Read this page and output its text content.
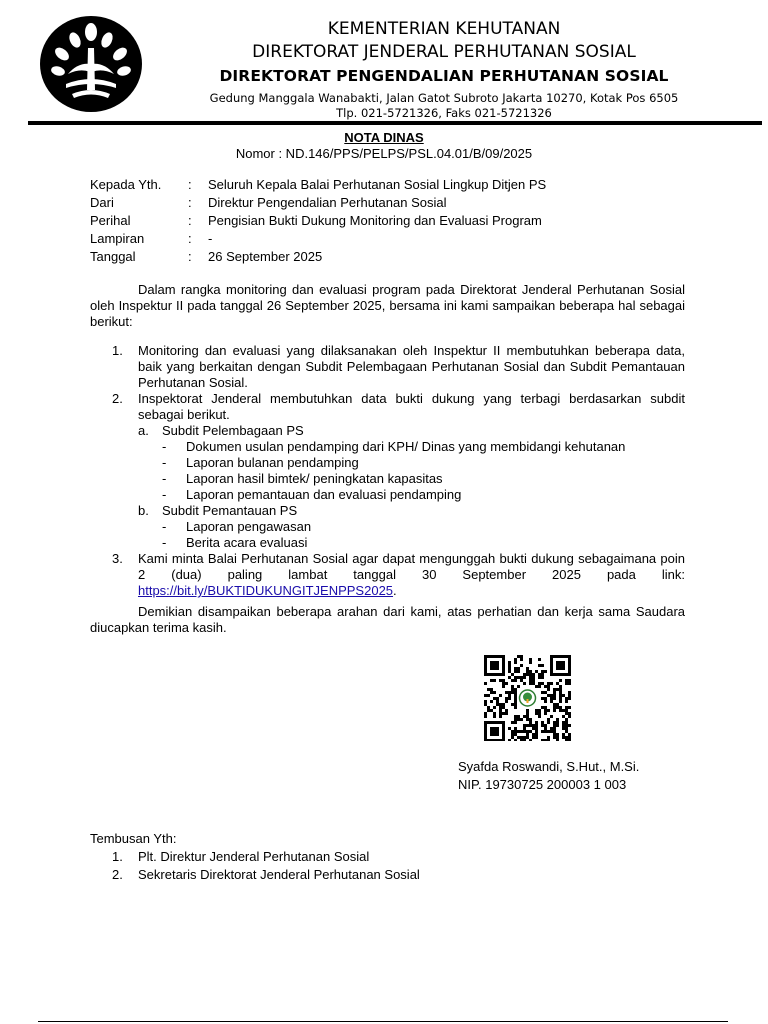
KEMENTERIAN KEHUTANAN
DIREKTORAT JENDERAL PERHUTANAN SOSIAL
DIREKTORAT PENGENDALIAN PERHUTANAN SOSIAL
Gedung Manggala Wanabakti, Jalan Gatot Subroto Jakarta 10270, Kotak Pos 6505
Tlp. 021-5721326, Faks 021-5721326
NOTA DINAS
Nomor : ND.146/PPS/PELPS/PSL.04.01/B/09/2025
Kepada Yth.	:	Seluruh Kepala Balai Perhutanan Sosial Lingkup Ditjen PS
Dari	:	Direktur Pengendalian Perhutanan Sosial
Perihal	:	Pengisian Bukti Dukung Monitoring dan Evaluasi Program
Lampiran	:	-
Tanggal	:	26 September 2025
Dalam rangka monitoring dan evaluasi program pada Direktorat Jenderal Perhutanan Sosial oleh Inspektur II pada tanggal 26 September 2025, bersama ini kami sampaikan beberapa hal sebagai berikut:
1. Monitoring dan evaluasi yang dilaksanakan oleh Inspektur II membutuhkan beberapa data, baik yang berkaitan dengan Subdit Pelembagaan Perhutanan Sosial dan Subdit Pemantauan Perhutanan Sosial.
2. Inspektorat Jenderal membutuhkan data bukti dukung yang terbagi berdasarkan subdit sebagai berikut.
a. Subdit Pelembagaan PS
- Dokumen usulan pendamping dari KPH/ Dinas yang membidangi kehutanan
- Laporan bulanan pendamping
- Laporan hasil bimtek/ peningkatan kapasitas
- Laporan pemantauan dan evaluasi pendamping
b. Subdit Pemantauan PS
- Laporan pengawasan
- Berita acara evaluasi
3. Kami minta Balai Perhutanan Sosial agar dapat mengunggah bukti dukung sebagaimana poin 2 (dua) paling lambat tanggal 30 September 2025 pada link: https://bit.ly/BUKTIDUKUNGITJENPPS2025.
Demikian disampaikan beberapa arahan dari kami, atas perhatian dan kerja sama Saudara diucapkan terima kasih.
Syafda Roswandi, S.Hut., M.Si.
NIP. 19730725 200003 1 003
Tembusan Yth:
1. Plt. Direktur Jenderal Perhutanan Sosial
2. Sekretaris Direktorat Jenderal Perhutanan Sosial
